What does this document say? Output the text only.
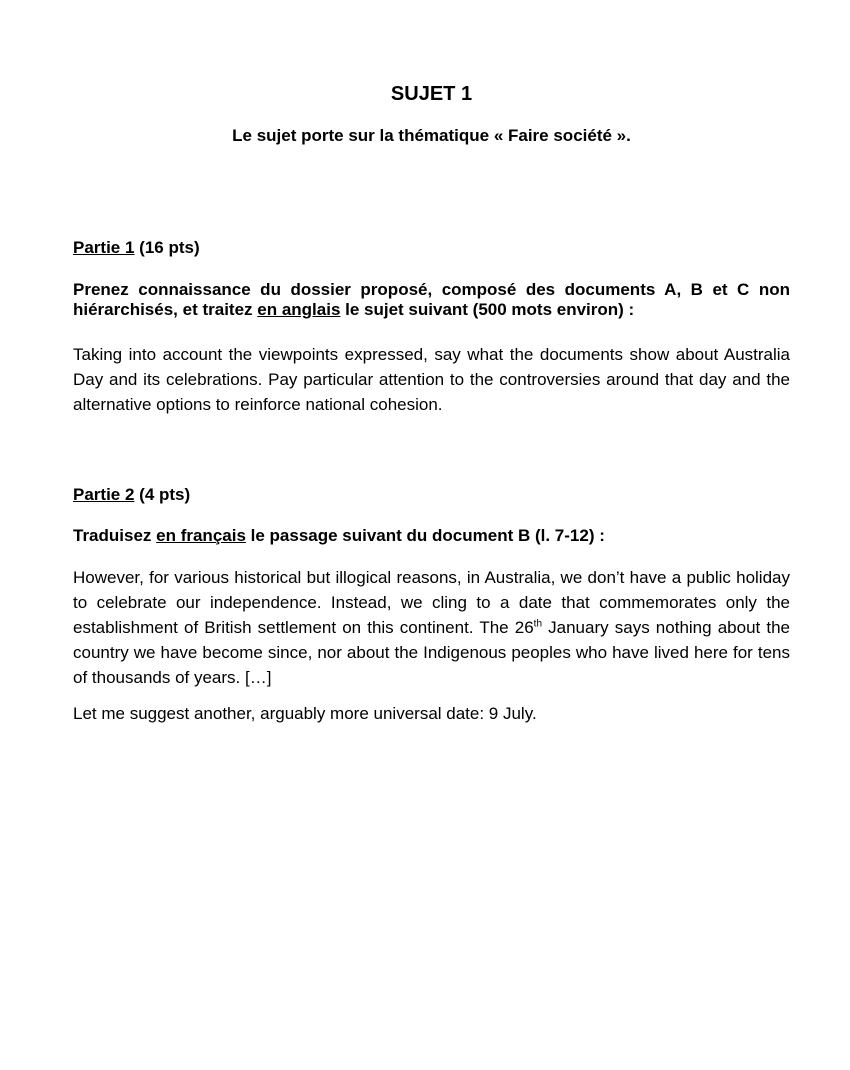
SUJET 1
Le sujet porte sur la thématique « Faire société ».
Partie 1 (16 pts)
Prenez connaissance du dossier proposé, composé des documents A, B et C non hiérarchisés, et traitez en anglais le sujet suivant (500 mots environ) :
Taking into account the viewpoints expressed, say what the documents show about Australia Day and its celebrations. Pay particular attention to the controversies around that day and the alternative options to reinforce national cohesion.
Partie 2 (4 pts)
Traduisez en français le passage suivant du document B (l. 7-12) :
However, for various historical but illogical reasons, in Australia, we don’t have a public holiday to celebrate our independence. Instead, we cling to a date that commemorates only the establishment of British settlement on this continent. The 26th January says nothing about the country we have become since, nor about the Indigenous peoples who have lived here for tens of thousands of years. […]
Let me suggest another, arguably more universal date: 9 July.
